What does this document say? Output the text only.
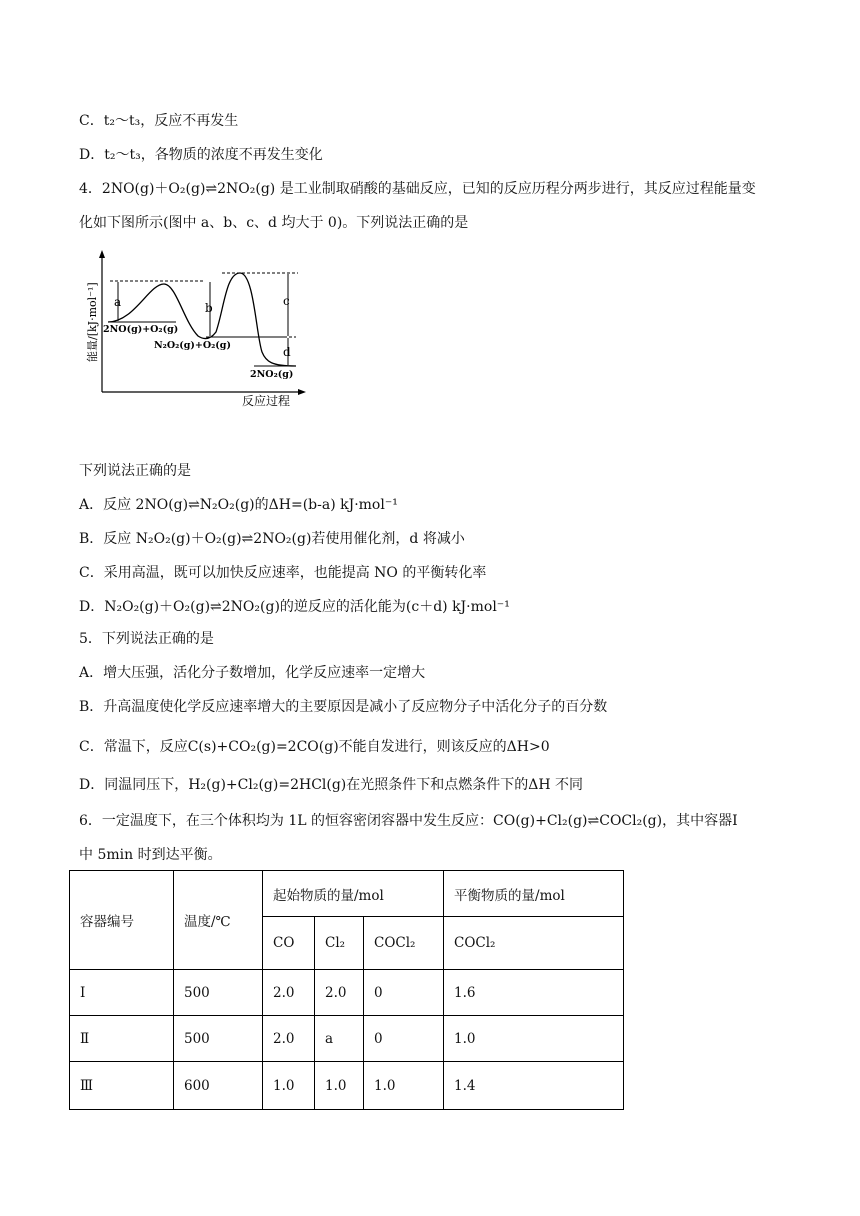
C．t₂～t₃，反应不再发生
D．t₂～t₃，各物质的浓度不再发生变化
4．2NO(g)＋O₂(g)⇌2NO₂(g) 是工业制取硝酸的基础反应，已知的反应历程分两步进行，其反应过程能量变
化如下图所示(图中 a、b、c、d 均大于 0)。下列说法正确的是
能量/[kJ·mol⁻¹]
反应过程
a	b	c
d
2NO(g)+O₂(g)
N₂O₂(g)+O₂(g)
2NO₂(g)
下列说法正确的是
A．反应 2NO(g)⇌N₂O₂(g)的ΔH=(b-a) kJ·mol⁻¹
B．反应 N₂O₂(g)＋O₂(g)⇌2NO₂(g)若使用催化剂，d 将减小
C．采用高温，既可以加快反应速率，也能提高 NO 的平衡转化率
D．N₂O₂(g)＋O₂(g)⇌2NO₂(g)的逆反应的活化能为(c＋d) kJ·mol⁻¹
5．下列说法正确的是
A．增大压强，活化分子数增加，化学反应速率一定增大
B．升高温度使化学反应速率增大的主要原因是减小了反应物分子中活化分子的百分数
C．常温下，反应C(s)+CO₂(g)=2CO(g)不能自发进行，则该反应的ΔH>0
D．同温同压下，H₂(g)+Cl₂(g)=2HCl(g)在光照条件下和点燃条件下的ΔH 不同
6．一定温度下，在三个体积均为 1L 的恒容密闭容器中发生反应：CO(g)+Cl₂(g)⇌COCl₂(g)，其中容器Ⅰ
中 5min 时到达平衡。
容器编号	温度/℃	起始物质的量/mol			平衡物质的量/mol
		CO	Cl₂	COCl₂	COCl₂
Ⅰ	500	2.0	2.0	0	1.6
Ⅱ	500	2.0	a	0	1.0
Ⅲ	600	1.0	1.0	1.0	1.4
